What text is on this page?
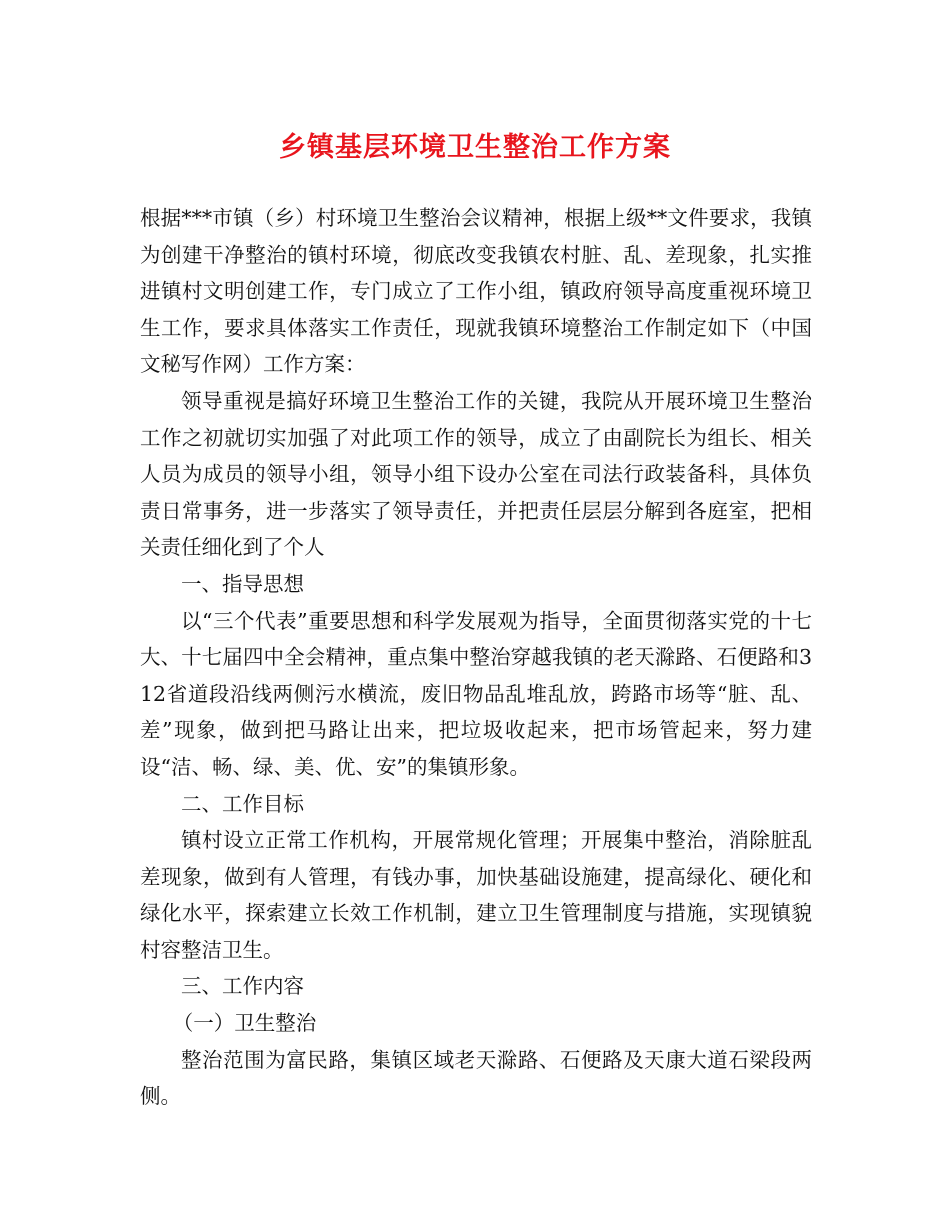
乡镇基层环境卫生整治工作方案

根据***市镇（乡）村环境卫生整治会议精神，根据上级**文件要求，我镇为创建干净整治的镇村环境，彻底改变我镇农村脏、乱、差现象，扎实推进镇村文明创建工作，专门成立了工作小组，镇政府领导高度重视环境卫生工作，要求具体落实工作责任，现就我镇环境整治工作制定如下（中国文秘写作网）工作方案：

领导重视是搞好环境卫生整治工作的关键，我院从开展环境卫生整治工作之初就切实加强了对此项工作的领导，成立了由副院长为组长、相关人员为成员的领导小组，领导小组下设办公室在司法行政装备科，具体负责日常事务，进一步落实了领导责任，并把责任层层分解到各庭室，把相关责任细化到了个人

一、指导思想

以“三个代表”重要思想和科学发展观为指导，全面贯彻落实党的十七大、十七届四中全会精神，重点集中整治穿越我镇的老天滁路、石便路和312省道段沿线两侧污水横流，废旧物品乱堆乱放，跨路市场等“脏、乱、差”现象，做到把马路让出来，把垃圾收起来，把市场管起来，努力建设“洁、畅、绿、美、优、安”的集镇形象。

二、工作目标

镇村设立正常工作机构，开展常规化管理；开展集中整治，消除脏乱差现象，做到有人管理，有钱办事，加快基础设施建，提高绿化、硬化和绿化水平，探索建立长效工作机制，建立卫生管理制度与措施，实现镇貌村容整洁卫生。

三、工作内容

（一）卫生整治

整治范围为富民路，集镇区域老天滁路、石便路及天康大道石梁段两侧。
